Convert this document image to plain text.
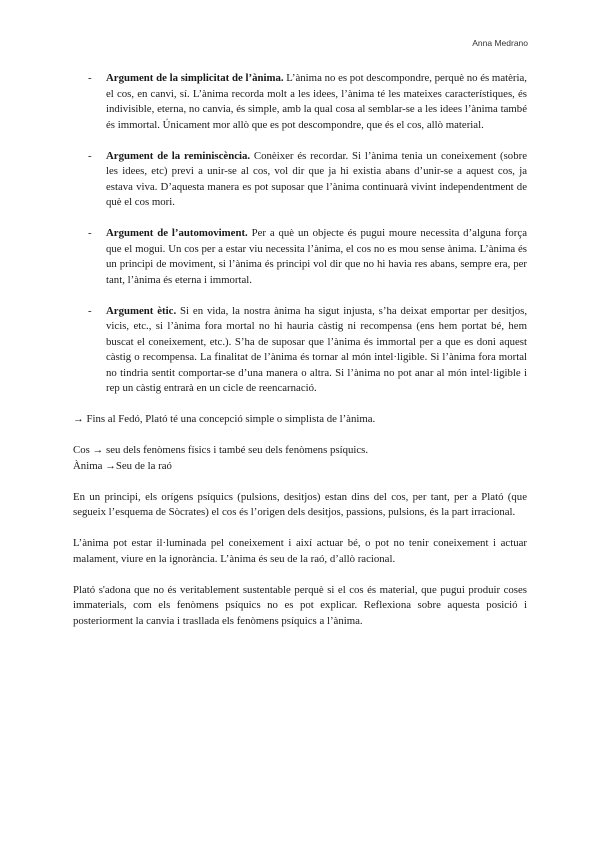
Anna Medrano
- Argument de la simplicitat de l’ànima. L’ànima no es pot descompondre, perquè no és matèria, el cos, en canvi, sí. L’ànima recorda molt a les idees, l’ànima té les mateixes característiques, és indivisible, eterna, no canvia, és simple, amb la qual cosa al semblar-se a les idees l’ànima també és immortal. Únicament mor allò que es pot descompondre, que és el cos, allò material.
- Argument de la reminiscència. Conèixer és recordar. Si l’ànima tenia un coneixement (sobre les idees, etc) previ a unir-se al cos, vol dir que ja hi existia abans d’unir-se a aquest cos, ja estava viva. D’aquesta manera es pot suposar que l’ànima continuarà vivint independentment de què el cos mori.
- Argument de l’automoviment. Per a què un objecte és pugui moure necessita d’alguna força que el mogui. Un cos per a estar viu necessita l’ànima, el cos no es mou sense ànima. L’ànima és un principi de moviment, si l’ànima és principi vol dir que no hi havia res abans, sempre era, per tant, l’ànima és eterna i immortal.
- Argument ètic. Si en vida, la nostra ànima ha sigut injusta, s’ha deixat emportar per desitjos, vicis, etc., si l’ànima fora mortal no hi hauria càstig ni recompensa (ens hem portat bé, hem buscat el coneixement, etc.). S’ha de suposar que l’ànima és immortal per a que es doni aquest càstig o recompensa. La finalitat de l’ànima és tornar al món intel·ligible. Si l’ànima fora mortal no tindria sentit comportar-se d’una manera o altra. Si l’ànima no pot anar al món intel·ligible i rep un càstig entrarà en un cicle de reencarnació.

→ Fins al Fedó, Plató té una concepció simple o simplista de l’ànima.

Cos → seu dels fenòmens físics i també seu dels fenòmens psíquics.

Ànima →Seu de la raó

En un principi, els orígens psíquics (pulsions, desitjos) estan dins del cos, per tant, per a Plató (que segueix l’esquema de Sòcrates) el cos és l’origen dels desitjos, passions, pulsions, és la part irracional.

L’ànima pot estar il·luminada pel coneixement i així actuar bé, o pot no tenir coneixement i actuar malament, viure en la ignorància. L’ànima és seu de la raó, d’allò racional.

Plató s'adona que no és veritablement sustentable perquè si el cos és material, que pugui produir coses immaterials, com els fenòmens psíquics no es pot explicar. Reflexiona sobre aquesta posició i posteriorment la canvia i trasllada els fenòmens psíquics a l’ànima.
